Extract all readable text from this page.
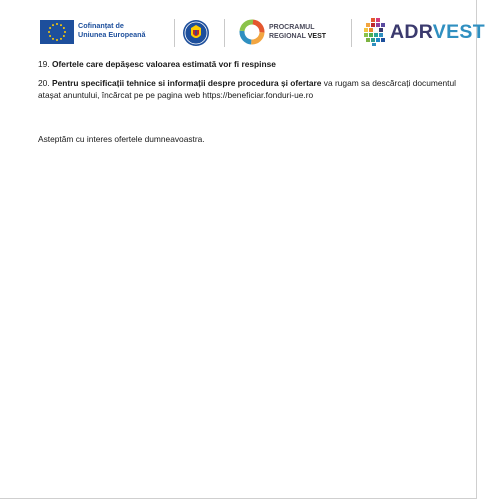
Cofinanțat de
Uniunea Europeană
PROCRAMUL
REGIONAL VEST	ADRVEST
19. Ofertele care depășesc valoarea estimată vor fi respinse
20. Pentru specificații tehnice si informații despre procedura și ofertare va rugam sa descărcați documentul atașat anuntului, încărcat pe pe pagina web https://beneficiar.fonduri-ue.ro
Asteptăm cu interes ofertele dumneavoastra.
